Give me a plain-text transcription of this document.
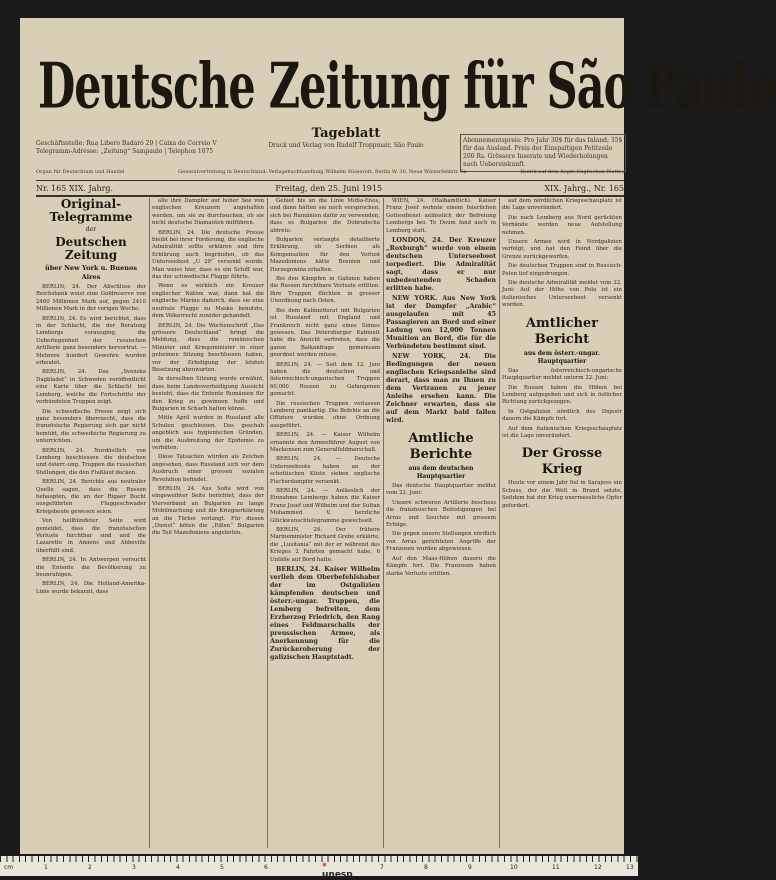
Deutsche Zeitung für São Paulo
Geschäftsstelle: Rua Libero Badaró 29 | Caixa do Correio V Telegramm-Adresse: „Zeitung“ Sampaulo | Telephon 1075
Tageblatt
Druck und Verlag von Rudolf Troppmair, São Paulo
Abonnementspreis: Pro Jahr 30$ für das Inland; 35$ für das Ausland. Preis der Einspaltigen Petitzeile 200 Rs. Grössere Inserate und Wiederholungen nach Uebereinkunft.
Organ für Deutschtum und Handel	Generalvertretung in Deutschland: Verlagsbuchhandlung Wilhelm Süsserott, Berlin W. 30, Neue Winterfeldstr. 3a	Bezirk auf dem Kopfe Englischen Blattes
Nr. 165 XIX. Jahrg.	Freitag, den 25. Juni 1915	XIX. Jahrg., Nr. 165

Original-Telegramme

der

Deutschen Zeitung

über New York u. Buenos Aires

BERLIN, 24. Der Abschluss der Reichsbank weist eine Goldreserve von 2460 Millionen Mark auf, gegen 2410 Millionen Mark in der vorigen Woche.

BERLIN, 24. Es wird berichtet, dass in der Schlacht, die der Beratung Lembergs vorausging, die Ueberlegenheit der russischen Artillerie ganz besonders hervortrat. — Mehrere hundert Gewehre wurden erbeutet.

BERLIN, 24. Das „Svenska Dagbladet“ in Schweden veröffentlicht eine Karte über die Schlacht bei Lemberg, welche die Fortschritte der verbündeten Truppen zeigt.

Die schwedische Presse zeigt sich ganz besonders überrascht, dass die französische Regierung sich gar nicht bemüht, die schwedische Regierung zu unterrichten.

BERLIN, 24. Nordöstlich von Lemberg beschiessen die deutschen und österr.-ung. Truppen die russischen Stellungen, die den Flußlauf decken.

BERLIN, 24. Berichte aus neutraler Quelle sagen, dass die Russen behaupten, die an der Rigaer Bucht ausgeführten Fluggeschwader Kriegsbeute gewesen seien.

Von hellbündeter Seite wird gemeldet, dass die französischen Verluste furchtbar sind und die Lazarette in Amiens und Abbeville überfüllt sind.

BERLIN, 24. In Antwerpen versucht die Entente die Bevölkerung zu beunruhigen.

BERLIN, 24. Die Holland-Amerika-Linie wurde bekannt, dass

alle ihre Dampfer auf hoher See von englischen Kreuzern angehalten werden, um sie zu durchsuchen, ob sie nicht deutsche Diamanten mitführen.

BERLIN, 24. Die deutsche Presse bleibt bei ihrer Forderung, die englische Admiralität sollte erklären und ihre Erklärung auch begründen, ob das Unterseeboot „U 29“ versenkt wurde. Man weiss hier, dass es ein Schiff war, das der schwedische Flagge führte.

Wenn es wirklich ein Kreuzer englischer Nation war, dann hat die englische Marine dadurch, dass sie eine neutrale Flagge zu Maske benutzte, dem Völkerrecht zuwider gehandelt.

BERLIN, 24. Die Wochenschrift „Das grössere Deutschland“ bringt die Meldung, dass die rumänischen Minister und Kriegsminister in einer geheimen Sitzung beschlossen haben, vor der Erledigung der letzten Besetzung abzuwarten.

In derselben Sitzung wurde erwähnt, dass beim Landesverteidigung Aussicht besteht, dass die Entente Rumänien für den Krieg zu gewinnen hoffe und Bulgarien in Schach halten könne.

Mitte April wurden in Russland alle Schulen geschlossen. Das geschah angeblich aus hygienischen Gründen, um die Ausbreitung der Epidemie zu verhüten.

Diese Tatsachen würden als Zeichen angesehen, dass Russland sich vor dem Ausbruch einer grossen sozialen Revolution befindet.

BERLIN, 24. Aus Sofia wird von eingeweihter Seite berichtet, dass der Vierverband an Bulgarien zu lange Mobilmachung und die Kriegserklärung an die Türkei verlangt. Für diesen „Dienst“ böten die „Edlen“ Bulgarien die Teil Mazedoniens angeboten.

Gebiet bis an die Linie Midia-Enos, und dann hätten sie noch versprochen, sich bei Rumänien dafür zu verwenden, dass es Bulgarien die Dobrudscha abtrete.

Bulgarien verlangte detaillierte Erklärung, ob Serbien als Kompensation für den Verlust Mazedoniens hätte Bosnien und Herzegowina erhalten.

Bei den Kämpfen in Galizien haben die Russen furchtbare Verluste erlitten. Ihre Truppen flüchten in grosser Unordnung nach Osten.

Bei dem Kabinettsrat mit Bulgarien ist Russland mit England und Frankreich nicht ganz eines Sinnes gewesen. Das Petersburger Kabinett habe die Ansicht vertreten, dass die ganze Balkanfrage gemeinsam geordnet werden müsse.

BERLIN, 24. — Seit dem 12. Juni haben die deutschen und österreichisch-ungarischen Truppen 60,000 Russen zu Gefangenen gemacht.

Die russischen Truppen verlassen Lemberg panikartig. Die Befehle an die Offiziere wurden ohne Ordnung ausgeführt.

BERLIN, 24. — Kaiser Wilhelm ernannte den Armeeführer August von Mackensen zum Generalfeldmarschall.

BERLIN, 24. — Deutsche Unterseeboote haben an der schottischen Küste sieben englische Fischerdampfer versenkt.

BERLIN, 24. — Anlässlich der Einnahme Lembergs haben die Kaiser Franz Josef und Wilhelm und der Sultan Mohammed V. herzliche Glückwunschtelegramme gewechselt.

BERLIN, 24. Der frühere Marineminister Richard Grebe erklärte, die „Lusitania“ mit der er während des Krieges 2 Fahrten gemacht habe, 6 Unfälle auf Bord hatte.

BERLIN, 24. Kaiser Wilhelm verlieh dem Oberbefehlshaber der im Ostgalizien kämpfenden deutschen und österr.-ungar. Truppen, die Lemberg befreiten, dem Erzherzog Friedrich, den Rang eines Feldmarschalls der preussischen Armee, als Anerkennung für die Zurückeroberung der galizischen Hauptstadt.

WIEN, 24. (Halbamtlich). Kaiser Franz Josef wohnte einem feierlichen Gottesdienst anlässlich der Befreiung Lembergs bei. Te Deum fand auch in Lemberg statt.

LONDON, 24. Der Kreuzer „Roxburgh“ wurde von einem deutschen Unterseeboot torpediert. Die Admiralität sagt, dass er nur unbedeutenden Schaden erlitten habe.

NEW YORK. Aus New York ist der Dampfer „Arabic“ ausgelaufen mit 45 Passagieren an Bord und einer Ladung von 12,000 Tonnen Munition an Bord, die für die Verbündeten bestimmt sind.

NEW YORK, 24. Die Bedingungen der neuen englischen Kriegsanleihe sind derart, dass man zu Ihnen zu dem Vertrauen zu jener Anleihe ersehen kann. Die Zeichner erwarten, dass sie auf dem Markt bald fallen wird.

Amtliche Berichte

aus dem deutschen Hauptquartier

Das deutsche Hauptquartier meldet vom 22. Juni:

Unsere schweren Artillerie beschoss die französischen Befestigungen bei Arras und Souchez mit grossem Erfolge.

Die gegen unsere Stellungen nördlich von Arras gerichteten Angriffe der Franzosen wurden abgewiesen.

Auf den Maas-Höhen dauern die Kämpfe fort. Die Franzosen haben starke Verluste erlitten.

auf dem nördlichen Kriegsschauplatz ist die Lage unverändert.

Die nach Lemberg aus Nord gerückten Verbände werden neue Aufstellung nehmen.

Unsere Armee wird in Nordgalizien verfolgt, und hat den Feind über die Grenze zurückgeworfen.

Die deutschen Truppen sind in Russisch-Polen tief eingedrungen.

Die deutsche Admiralität meldet vom 22. Juni: Auf der Höhe von Pola ist ein italienisches Unterseeboot versenkt worden.

Amtlicher Bericht

aus dem österr.-ungar. Hauptquartier

Das österreichisch-ungarische Hauptquartier meldet unterm 22. Juni:

Die Russen haben die Höhen bei Lemberg aufgegeben und sich in östlicher Richtung zurückgezogen.

In Ostgalizien nördlich des Dnjestr dauern die Kämpfe fort.

Auf dem italienischen Kriegsschauplatz ist die Lage unverändert.

Der Grosse Krieg

Heute vor einem Jahr fiel in Sarajevo ein Schuss, der die Welt in Brand setzte. Seitdem hat der Krieg unermessliche Opfer gefordert.

cm	1	2	3	4	5	6	7	8	9	10	11	12	13
unesp
*
